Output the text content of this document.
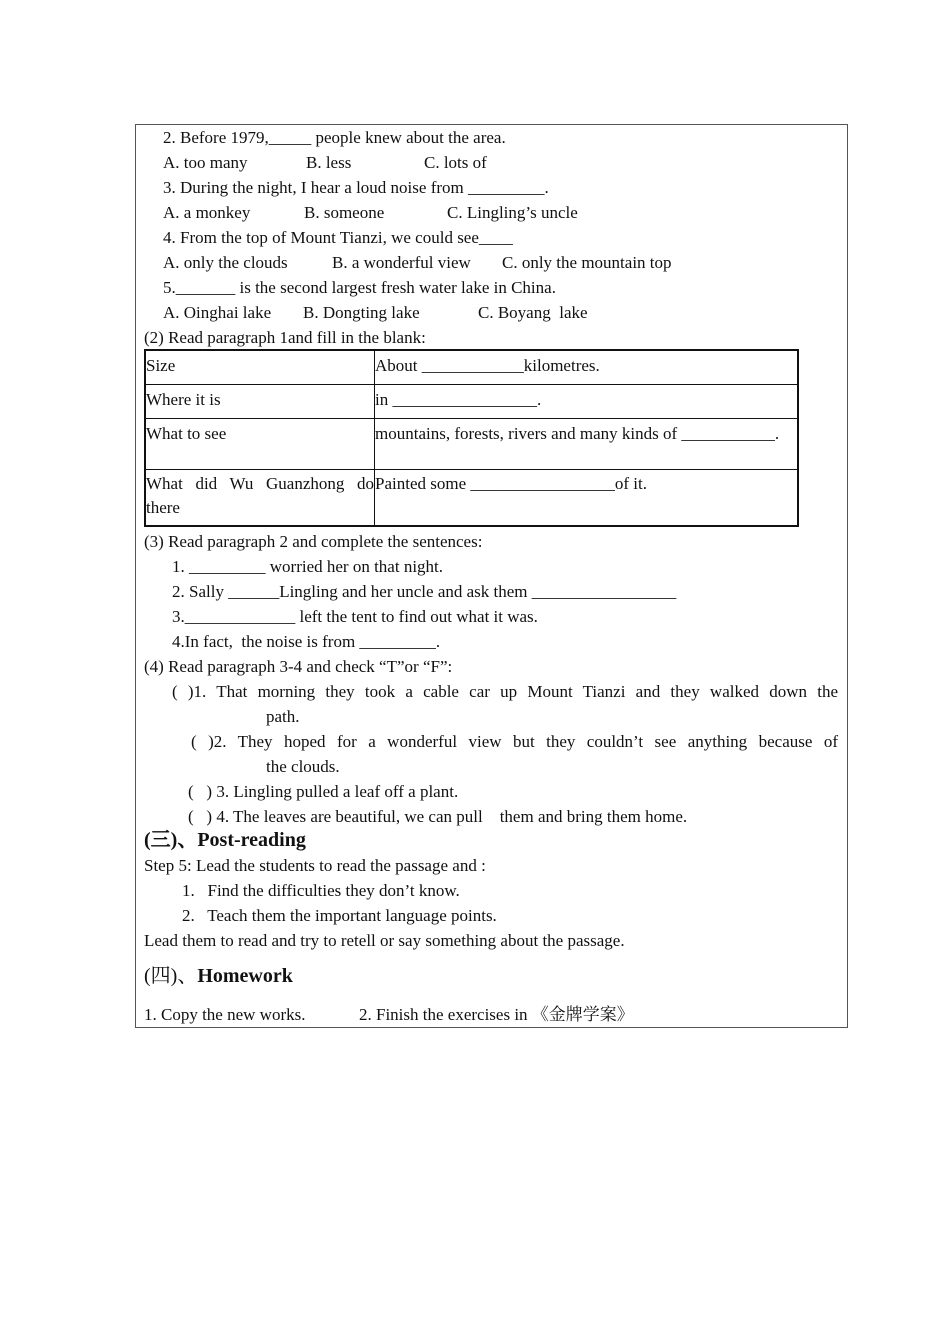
2. Before 1979,_____ people knew about the area.
A. too many	B. less	C. lots of
3. During the night, I hear a loud noise from _________.
A. a monkey	B. someone	C. Lingling’s uncle
4. From the top of Mount Tianzi, we could see____
A. only the clouds	B. a wonderful view C. only the mountain top
5._______ is the second largest fresh water lake in China.
A. Oinghai lake B. Dongting lake	C. Boyang  lake
(2) Read paragraph 1and fill in the blank:
Size	About ____________kilometres.
Where it is	in _________________.
What to see	mountains, forests, rivers and many kinds of ___________.
What did Wu Guanzhong do there	Painted some _________________of it.
(3) Read paragraph 2 and complete the sentences:
1. _________ worried her on that night.
2. Sally ______Lingling and her uncle and ask them _________________
3._____________ left the tent to find out what it was.
4.In fact,  the noise is from _________.
(4) Read paragraph 3-4 and check “T”or “F”:
( )1. That morning they took a cable car up Mount Tianzi and they walked down the
path.
( )2. They hoped for a wonderful view but they couldn’t see anything because of
the clouds.
(   ) 3. Lingling pulled a leaf off a plant.
(   ) 4. The leaves are beautiful, we can pull    them and bring them home.
(三)、Post-reading
Step 5: Lead the students to read the passage and :
1.   Find the difficulties they don’t know.
2.   Teach them the important language points.
Lead them to read and try to retell or say something about the passage.
(四)、Homework
1. Copy the new works.	2. Finish the exercises in 《金牌学案》
